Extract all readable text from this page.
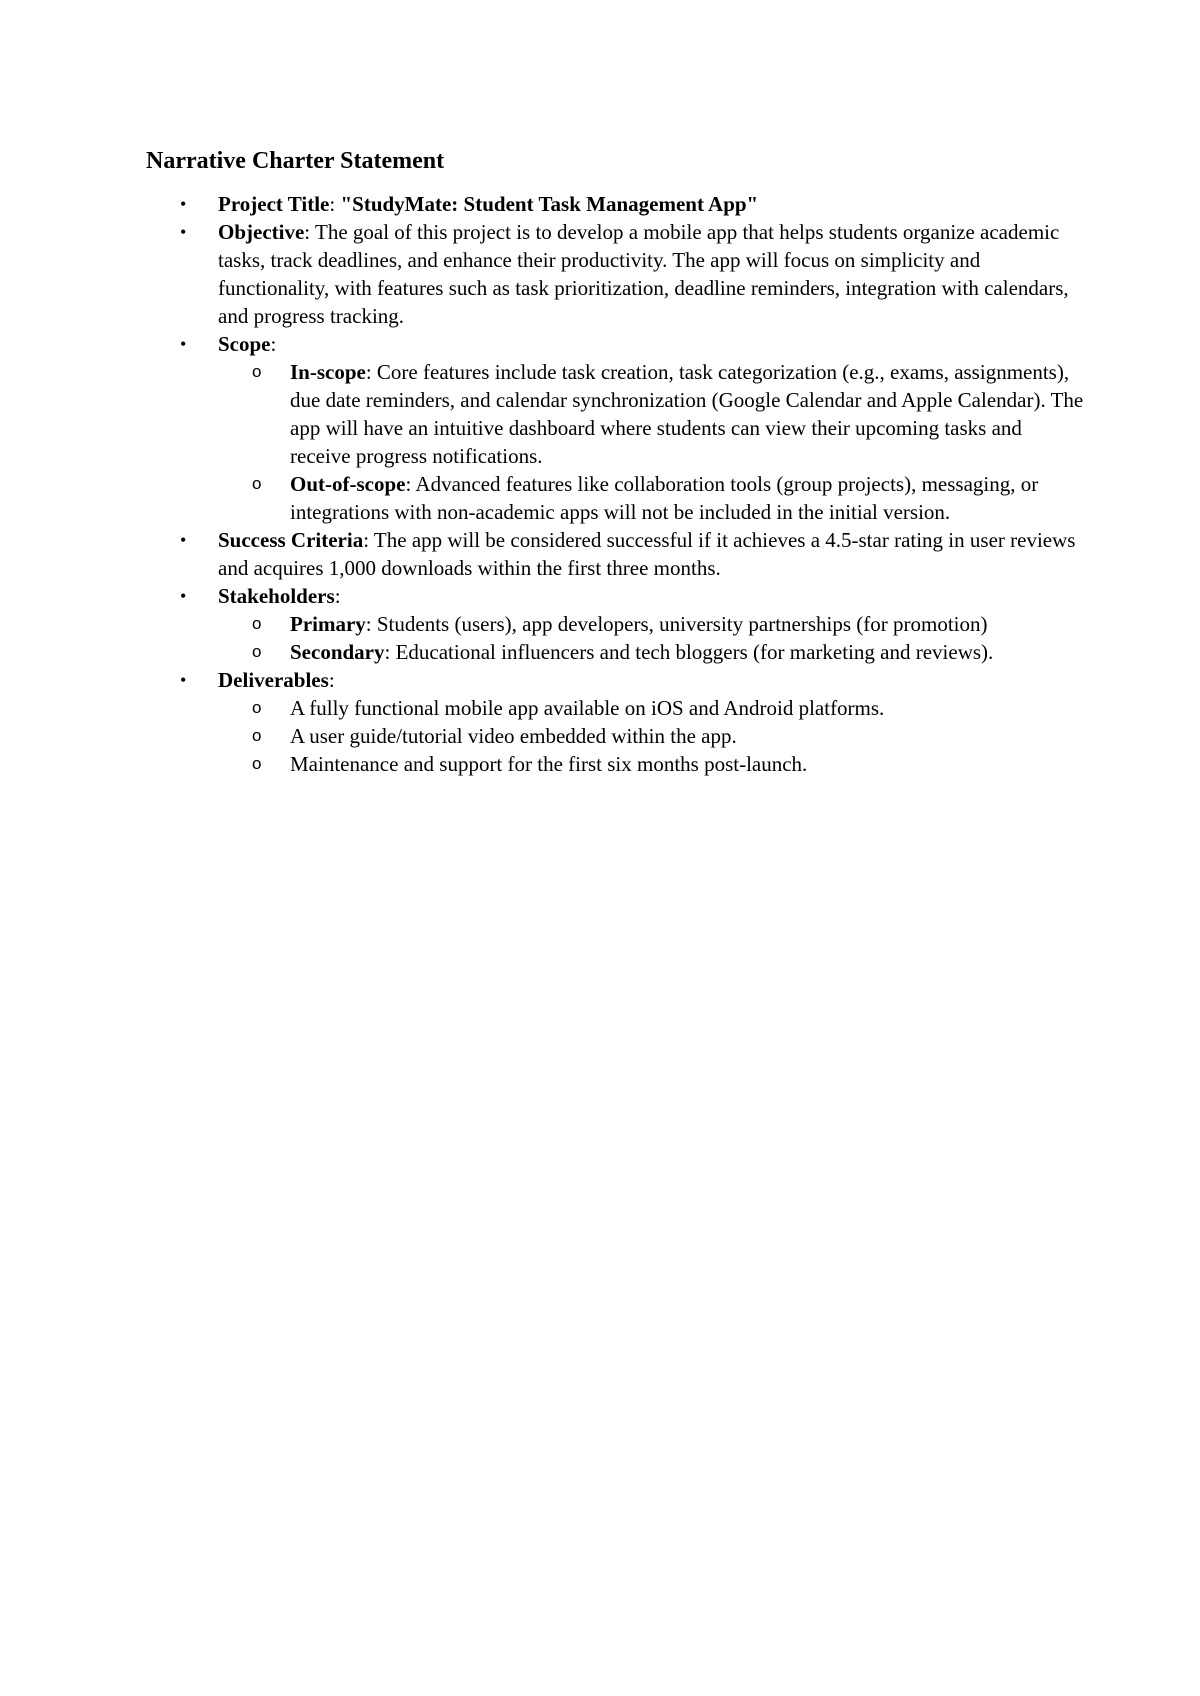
Narrative Charter Statement
•	Project Title: "StudyMate: Student Task Management App"
•	Objective: The goal of this project is to develop a mobile app that helps students organize academic tasks, track deadlines, and enhance their productivity. The app will focus on simplicity and functionality, with features such as task prioritization, deadline reminders, integration with calendars, and progress tracking.
•	Scope:
o	In-scope: Core features include task creation, task categorization (e.g., exams, assignments), due date reminders, and calendar synchronization (Google Calendar and Apple Calendar). The app will have an intuitive dashboard where students can view their upcoming tasks and receive progress notifications.
o	Out-of-scope: Advanced features like collaboration tools (group projects), messaging, or integrations with non-academic apps will not be included in the initial version.
•	Success Criteria: The app will be considered successful if it achieves a 4.5-star rating in user reviews and acquires 1,000 downloads within the first three months.
•	Stakeholders:
o	Primary: Students (users), app developers, university partnerships (for promotion)
o	Secondary: Educational influencers and tech bloggers (for marketing and reviews).
•	Deliverables:
o	A fully functional mobile app available on iOS and Android platforms.
o	A user guide/tutorial video embedded within the app.
o	Maintenance and support for the first six months post-launch.
